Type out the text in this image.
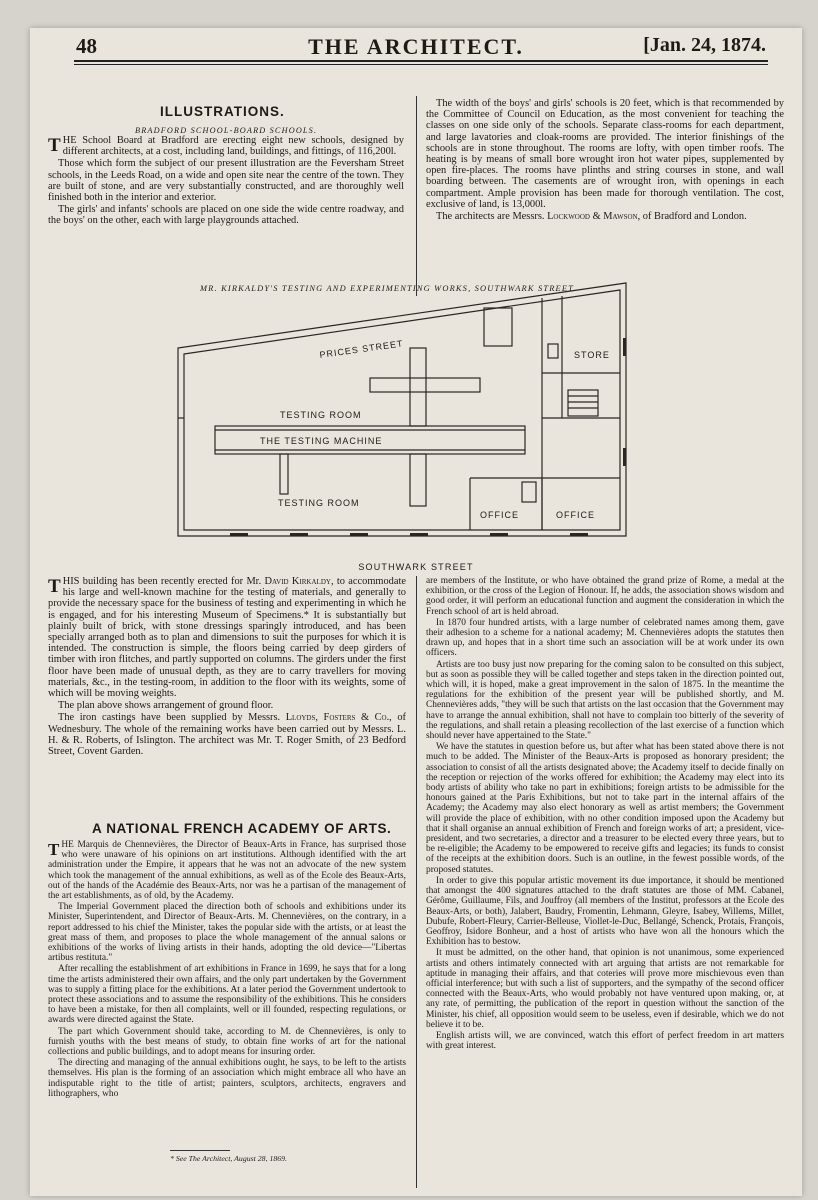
48	THE ARCHITECT.	[Jan. 24, 1874.
ILLUSTRATIONS.
BRADFORD SCHOOL-BOARD SCHOOLS.

THE School Board at Bradford are erecting eight new schools, designed by different architects, at a cost, including land, buildings, and fittings, of 116,200l.

Those which form the subject of our present illustration are the Feversham Street schools, in the Leeds Road, on a wide and open site near the centre of the town. They are built of stone, and are very substantially constructed, and are thoroughly well finished both in the interior and exterior.

The girls' and infants' schools are placed on one side the wide centre roadway, and the boys' on the other, each with large playgrounds attached.

The width of the boys' and girls' schools is 20 feet, which is that recommended by the Committee of Council on Education, as the most convenient for teaching the classes on one side only of the schools. Separate class-rooms for each department, and large lavatories and cloak-rooms are provided. The interior finishings of the schools are in stone throughout. The rooms are lofty, with open timber roofs. The heating is by means of small bore wrought iron hot water pipes, supplemented by open fire-places. The rooms have plinths and string courses in stone, and wall boarding between. The casements are of wrought iron, with openings in each compartment. Ample provision has been made for thorough ventilation. The cost, exclusive of land, is 13,000l.

The architects are Messrs. Lockwood & Mawson, of Bradford and London.

MR. KIRKALDY'S TESTING AND EXPERIMENTING WORKS, SOUTHWARK STREET.
PRICES STREET	STORE
TESTING ROOM
THE TESTING MACHINE
TESTING ROOM
OFFICE	OFFICE
SOUTHWARK STREET

THIS building has been recently erected for Mr. David Kirkaldy, to accommodate his large and well-known machine for the testing of materials, and generally to provide the necessary space for the business of testing and experimenting in which he is engaged, and for his interesting Museum of Specimens.* It is substantially but plainly built of brick, with stone dressings sparingly introduced, and has been specially arranged both as to plan and dimensions to suit the purposes for which it is intended. The construction is simple, the floors being carried by deep girders of timber with iron flitches, and partly supported on columns. The girders under the first floor have been made of unusual depth, as they are to carry travellers for moving materials, &c., in the testing-room, in addition to the floor with its weights, some of which will be moving weights.

The plan above shows arrangement of ground floor.

The iron castings have been supplied by Messrs. Lloyds, Fosters & Co., of Wednesbury. The whole of the remaining works have been carried out by Messrs. L. H. & R. Roberts, of Islington. The architect was Mr. T. Roger Smith, of 23 Bedford Street, Covent Garden.

A NATIONAL FRENCH ACADEMY OF ARTS.

THE Marquis de Chennevières, the Director of Beaux-Arts in France, has surprised those who were unaware of his opinions on art institutions. Although identified with the art administration under the Empire, it appears that he was not an advocate of the new system which took the management of the annual exhibitions, as well as of the Ecole des Beaux-Arts, out of the hands of the Académie des Beaux-Arts, nor was he a partisan of the management of the art establishments, as of old, by the Academy.

The Imperial Government placed the direction both of schools and exhibitions under its Minister, Superintendent, and Director of Beaux-Arts. M. Chennevières, on the contrary, in a report addressed to his chief the Minister, takes the popular side with the artists, or at least the great mass of them, and proposes to place the whole management of the annual salons or exhibitions of the works of living artists in their hands, adopting the old device—"Libertas artibus restituta."

After recalling the establishment of art exhibitions in France in 1699, he says that for a long time the artists administered their own affairs, and the only part undertaken by the Government was to supply a fitting place for the exhibitions. At a later period the Government undertook to protect these associations and to assume the responsibility of the exhibitions. This he considers to have been a mistake, for then all complaints, well or ill founded, respecting regulations, or awards were directed against the State.

The part which Government should take, according to M. de Chennevières, is only to furnish youths with the best means of study, to obtain fine works of art for the national collections and public buildings, and to adopt means for insuring order.

The directing and managing of the annual exhibitions ought, he says, to be left to the artists themselves. His plan is the forming of an association which might embrace all who have an indisputable right to the title of artist; painters, sculptors, architects, engravers and lithographers, who

* See The Architect, August 28, 1869.

are members of the Institute, or who have obtained the grand prize of Rome, a medal at the exhibition, or the cross of the Legion of Honour. If, he adds, the association shows wisdom and good order, it will perform an educational function and augment the consideration in which the French school of art is held abroad.

In 1870 four hundred artists, with a large number of celebrated names among them, gave their adhesion to a scheme for a national academy; M. Chennevières adopts the statutes then drawn up, and hopes that in a short time such an association will be at work under its own officers.

Artists are too busy just now preparing for the coming salon to be consulted on this subject, but as soon as possible they will be called together and steps taken in the direction pointed out, which will, it is hoped, make a great improvement in the salon of 1875. In the meantime the regulations for the exhibition of the present year will be published shortly, and M. Chennevières adds, "they will be such that artists on the last occasion that the Government may have to arrange the annual exhibition, shall not have to complain too bitterly of the severity of the regulations, and shall retain a pleasing recollection of the last exercise of a function which should never have appertained to the State."

We have the statutes in question before us, but after what has been stated above there is not much to be added. The Minister of the Beaux-Arts is proposed as honorary president; the association to consist of all the artists designated above; the Academy itself to decide finally on the reception or rejection of the works offered for exhibition; the Academy may elect into its body artists of ability who take no part in exhibitions; foreign artists to be admissible for the honours gained at the Paris Exhibitions, but not to take part in the internal affairs of the Academy; the Academy may also elect honorary as well as artist members; the Government will provide the place of exhibition, with no other condition imposed upon the Academy but that it shall organise an annual exhibition of French and foreign works of art; a president, vice-president, and two secretaries, a director and a treasurer to be elected every three years, but to be re-eligible; the Academy to be empowered to receive gifts and legacies; its funds to consist of the receipts at the exhibition doors. Such is an outline, in the fewest possible words, of the proposed statutes.

In order to give this popular artistic movement its due importance, it should be mentioned that amongst the 400 signatures attached to the draft statutes are those of MM. Cabanel, Gérôme, Guillaume, Fils, and Jouffroy (all members of the Institut, professors at the Ecole des Beaux-Arts, or both), Jalabert, Baudry, Fromentin, Lehmann, Gleyre, Isabey, Willems, Millet, Dubufe, Robert-Fleury, Carrier-Belleuse, Viollet-le-Duc, Bellangé, Schenck, Protais, François, Geoffroy, Isidore Bonheur, and a host of artists who have won all the honours which the Exhibition has to bestow.

It must be admitted, on the other hand, that opinion is not unanimous, some experienced artists and others intimately connected with art arguing that artists are not remarkable for aptitude in managing their affairs, and that coteries will prove more mischievous even than official interference; but with such a list of supporters, and the sympathy of the second officer connected with the Beaux-Arts, who would probably not have ventured upon making, or, at any rate, of permitting, the publication of the report in question without the sanction of the Minister, his chief, all opposition would seem to be useless, even if desirable, which we do not believe it to be.

English artists will, we are convinced, watch this effort of perfect freedom in art matters with great interest.
